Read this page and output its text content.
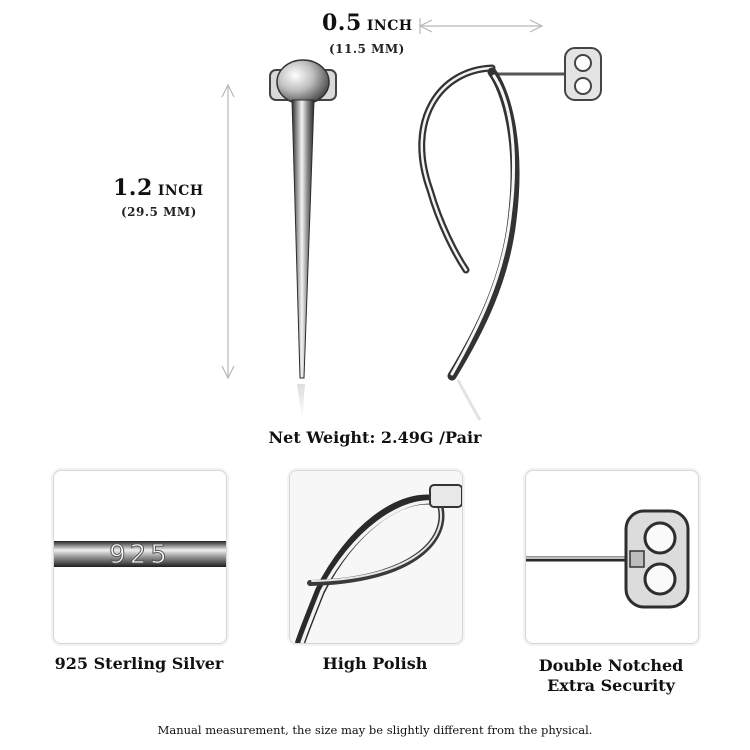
0.5 INCH
(11.5 MM)
1.2 INCH
(29.5 MM)
Net Weight: 2.49G /Pair
925
925 Sterling Silver	High Polish	Double Notched
Extra Security
Manual measurement, the size may be slightly different from the physical.
